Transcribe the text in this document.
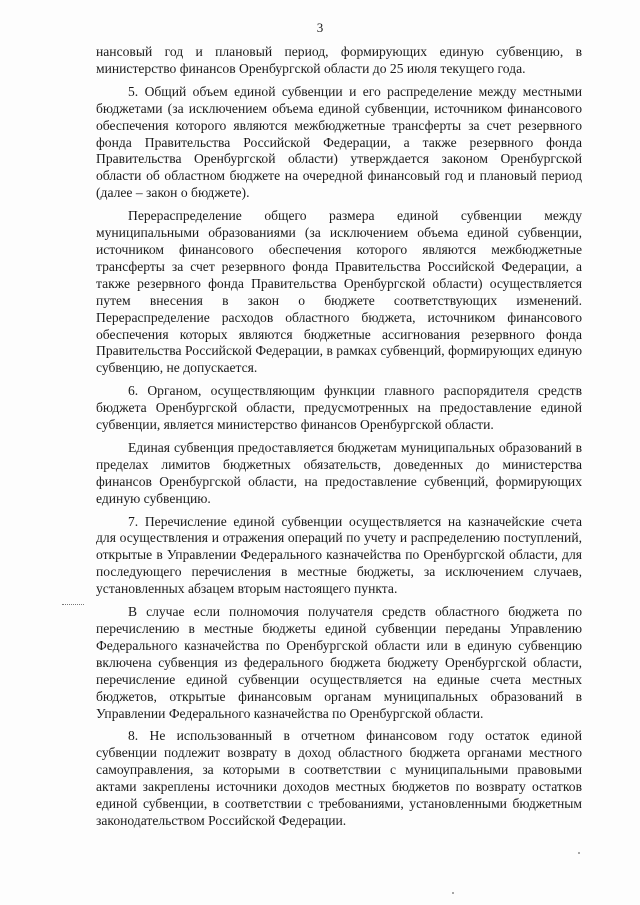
3

нансовый год и плановый период, формирующих единую субвенцию, в министерство финансов Оренбургской области до 25 июля текущего года.

5. Общий объем единой субвенции и его распределение между местными бюджетами (за исключением объема единой субвенции, источником финансового обеспечения которого являются межбюджетные трансферты за счет резервного фонда Правительства Российской Федерации, а также резервного фонда Правительства Оренбургской области) утверждается законом Оренбургской области об областном бюджете на очередной финансовый год и плановый период (далее – закон о бюджете).

Перераспределение общего размера единой субвенции между муниципальными образованиями (за исключением объема единой субвенции, источником финансового обеспечения которого являются межбюджетные трансферты за счет резервного фонда Правительства Российской Федерации, а также резервного фонда Правительства Оренбургской области) осуществляется путем внесения в закон о бюджете соответствующих изменений. Перераспределение расходов областного бюджета, источником финансового обеспечения которых являются бюджетные ассигнования резервного фонда Правительства Российской Федерации, в рамках субвенций, формирующих единую субвенцию, не допускается.

6. Органом, осуществляющим функции главного распорядителя средств бюджета Оренбургской области, предусмотренных на предоставление единой субвенции, является министерство финансов Оренбургской области.

Единая субвенция предоставляется бюджетам муниципальных образований в пределах лимитов бюджетных обязательств, доведенных до министерства финансов Оренбургской области, на предоставление субвенций, формирующих единую субвенцию.

7. Перечисление единой субвенции осуществляется на казначейские счета для осуществления и отражения операций по учету и распределению поступлений, открытые в Управлении Федерального казначейства по Оренбургской области, для последующего перечисления в местные бюджеты, за исключением случаев, установленных абзацем вторым настоящего пункта.

В случае если полномочия получателя средств областного бюджета по перечислению в местные бюджеты единой субвенции переданы Управлению Федерального казначейства по Оренбургской области или в единую субвенцию включена субвенция из федерального бюджета бюджету Оренбургской области, перечисление единой субвенции осуществляется на единые счета местных бюджетов, открытые финансовым органам муниципальных образований в Управлении Федерального казначейства по Оренбургской области.

8. Не использованный в отчетном финансовом году остаток единой субвенции подлежит возврату в доход областного бюджета органами местного самоуправления, за которыми в соответствии с муниципальными правовыми актами закреплены источники доходов местных бюджетов по возврату остатков единой субвенции, в соответствии с требованиями, установленными бюджетным законодательством Российской Федерации.
